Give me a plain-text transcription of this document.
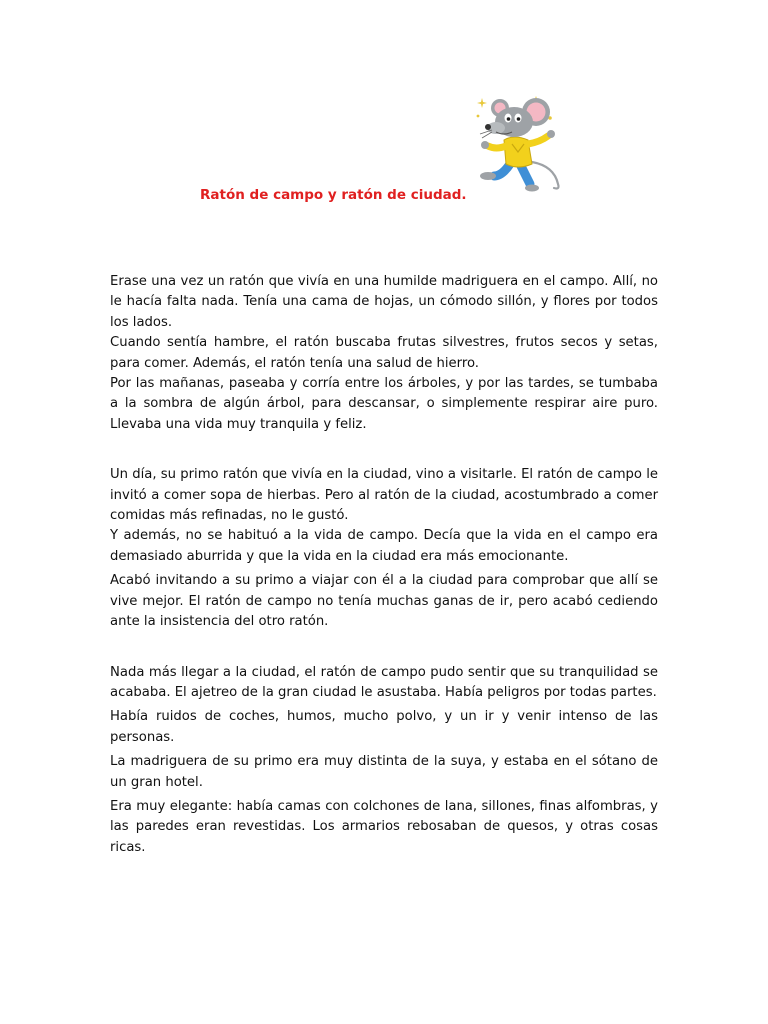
Ratón de campo y ratón de ciudad.

Erase una vez un ratón que vivía en una humilde madriguera en el campo. Allí, no le hacía falta nada. Tenía una cama de hojas, un cómodo sillón, y flores por todos los lados.

Cuando sentía hambre, el ratón buscaba frutas silvestres, frutos secos y setas, para comer. Además, el ratón tenía una salud de hierro.

Por las mañanas, paseaba y corría entre los árboles, y por las tardes, se tumbaba a la sombra de algún árbol, para descansar, o simplemente respirar aire puro. Llevaba una vida muy tranquila y feliz.

Un día, su primo ratón que vivía en la ciudad, vino a visitarle. El ratón de campo le invitó a comer sopa de hierbas. Pero al ratón de la ciudad, acostumbrado a comer comidas más refinadas, no le gustó.

Y además, no se habituó a la vida de campo. Decía que la vida en el campo era demasiado aburrida y que la vida en la ciudad era más emocionante.

Acabó invitando a su primo a viajar con él a la ciudad para comprobar que allí se vive mejor. El ratón de campo no tenía muchas ganas de ir, pero acabó cediendo ante la insistencia del otro ratón.

Nada más llegar a la ciudad, el ratón de campo pudo sentir que su tranquilidad se acababa. El ajetreo de la gran ciudad le asustaba. Había peligros por todas partes.

Había ruidos de coches, humos, mucho polvo, y un ir y venir intenso de las personas.

La madriguera de su primo era muy distinta de la suya, y estaba en el sótano de un gran hotel.

Era muy elegante: había camas con colchones de lana, sillones, finas alfombras, y las paredes eran revestidas. Los armarios rebosaban de quesos, y otras cosas ricas.
